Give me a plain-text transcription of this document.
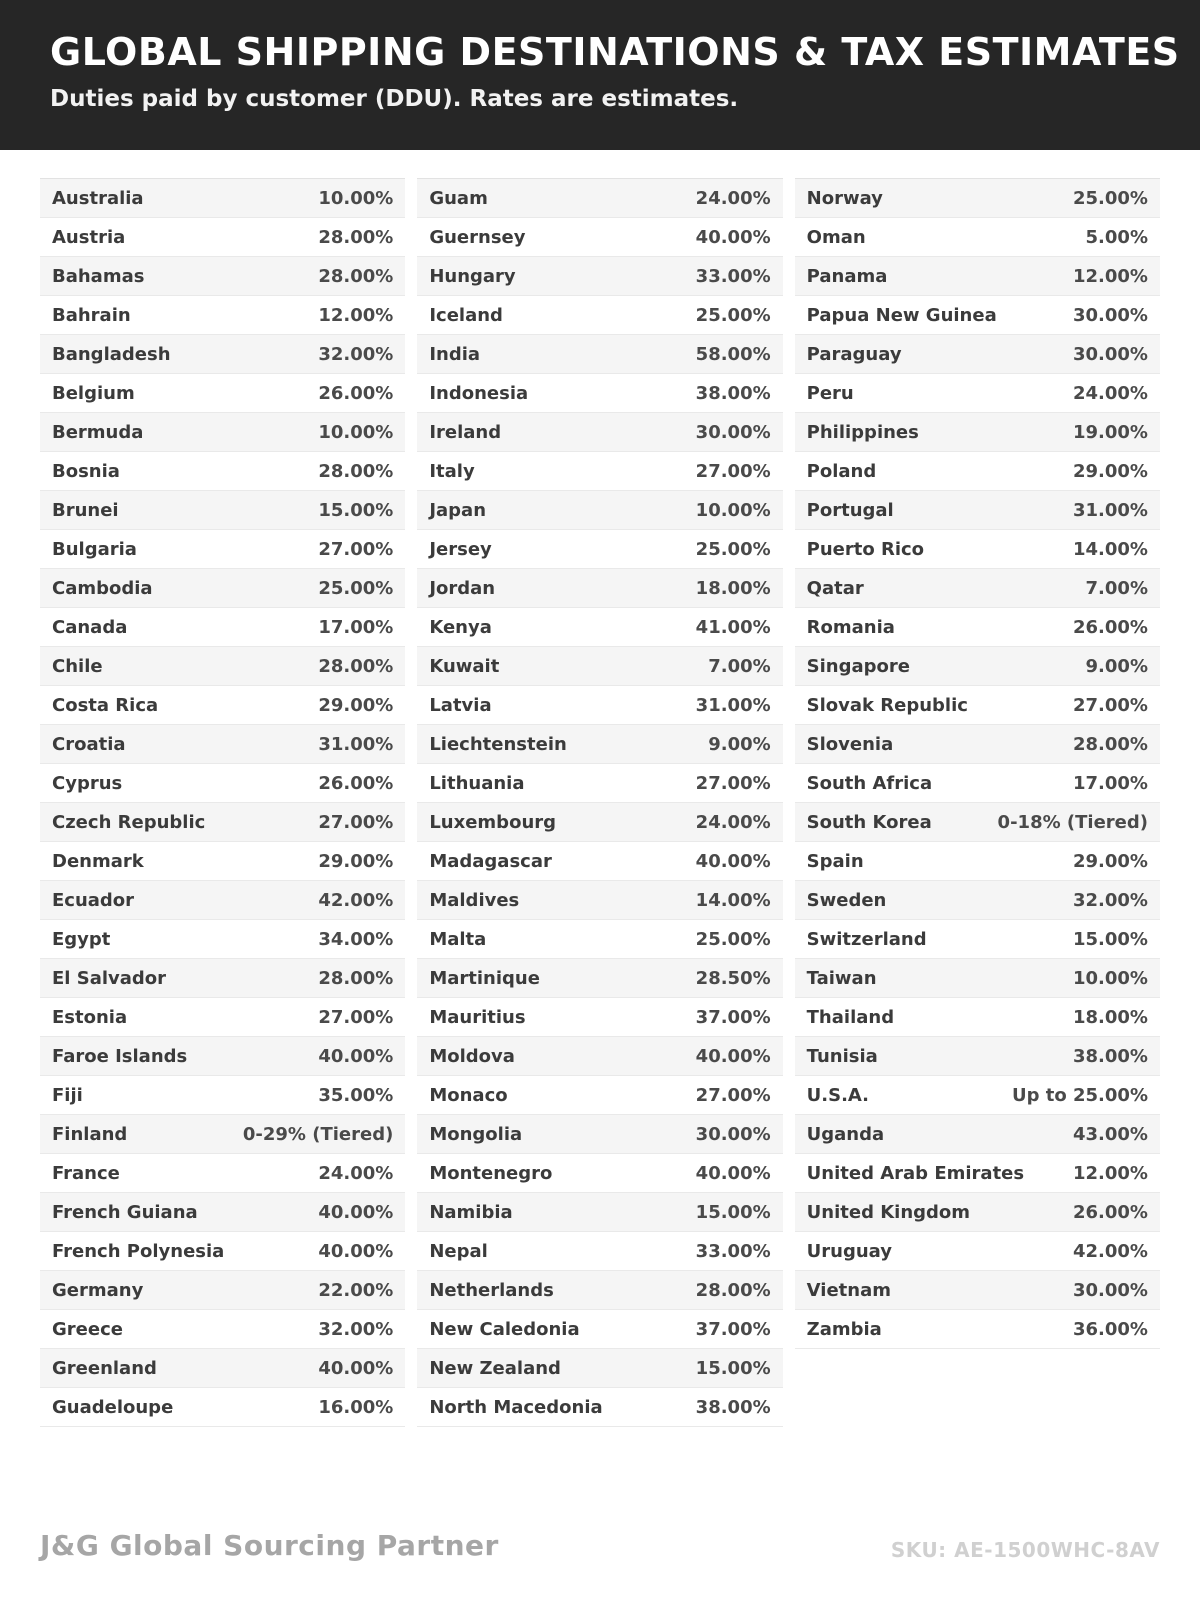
GLOBAL SHIPPING DESTINATIONS & TAX ESTIMATES
Duties paid by customer (DDU). Rates are estimates.
Australia	10.00%
Austria	28.00%
Bahamas	28.00%
Bahrain	12.00%
Bangladesh	32.00%
Belgium	26.00%
Bermuda	10.00%
Bosnia	28.00%
Brunei	15.00%
Bulgaria	27.00%
Cambodia	25.00%
Canada	17.00%
Chile	28.00%
Costa Rica	29.00%
Croatia	31.00%
Cyprus	26.00%
Czech Republic	27.00%
Denmark	29.00%
Ecuador	42.00%
Egypt	34.00%
El Salvador	28.00%
Estonia	27.00%
Faroe Islands	40.00%
Fiji	35.00%
Finland	0-29% (Tiered)
France	24.00%
French Guiana	40.00%
French Polynesia	40.00%
Germany	22.00%
Greece	32.00%
Greenland	40.00%
Guadeloupe	16.00%
Guam	24.00%
Guernsey	40.00%
Hungary	33.00%
Iceland	25.00%
India	58.00%
Indonesia	38.00%
Ireland	30.00%
Italy	27.00%
Japan	10.00%
Jersey	25.00%
Jordan	18.00%
Kenya	41.00%
Kuwait	7.00%
Latvia	31.00%
Liechtenstein	9.00%
Lithuania	27.00%
Luxembourg	24.00%
Madagascar	40.00%
Maldives	14.00%
Malta	25.00%
Martinique	28.50%
Mauritius	37.00%
Moldova	40.00%
Monaco	27.00%
Mongolia	30.00%
Montenegro	40.00%
Namibia	15.00%
Nepal	33.00%
Netherlands	28.00%
New Caledonia	37.00%
New Zealand	15.00%
North Macedonia	38.00%
Norway	25.00%
Oman	5.00%
Panama	12.00%
Papua New Guinea	30.00%
Paraguay	30.00%
Peru	24.00%
Philippines	19.00%
Poland	29.00%
Portugal	31.00%
Puerto Rico	14.00%
Qatar	7.00%
Romania	26.00%
Singapore	9.00%
Slovak Republic	27.00%
Slovenia	28.00%
South Africa	17.00%
South Korea	0-18% (Tiered)
Spain	29.00%
Sweden	32.00%
Switzerland	15.00%
Taiwan	10.00%
Thailand	18.00%
Tunisia	38.00%
U.S.A.	Up to 25.00%
Uganda	43.00%
United Arab Emirates	12.00%
United Kingdom	26.00%
Uruguay	42.00%
Vietnam	30.00%
Zambia	36.00%
J&G Global Sourcing Partner	SKU: AE-1500WHC-8AV
